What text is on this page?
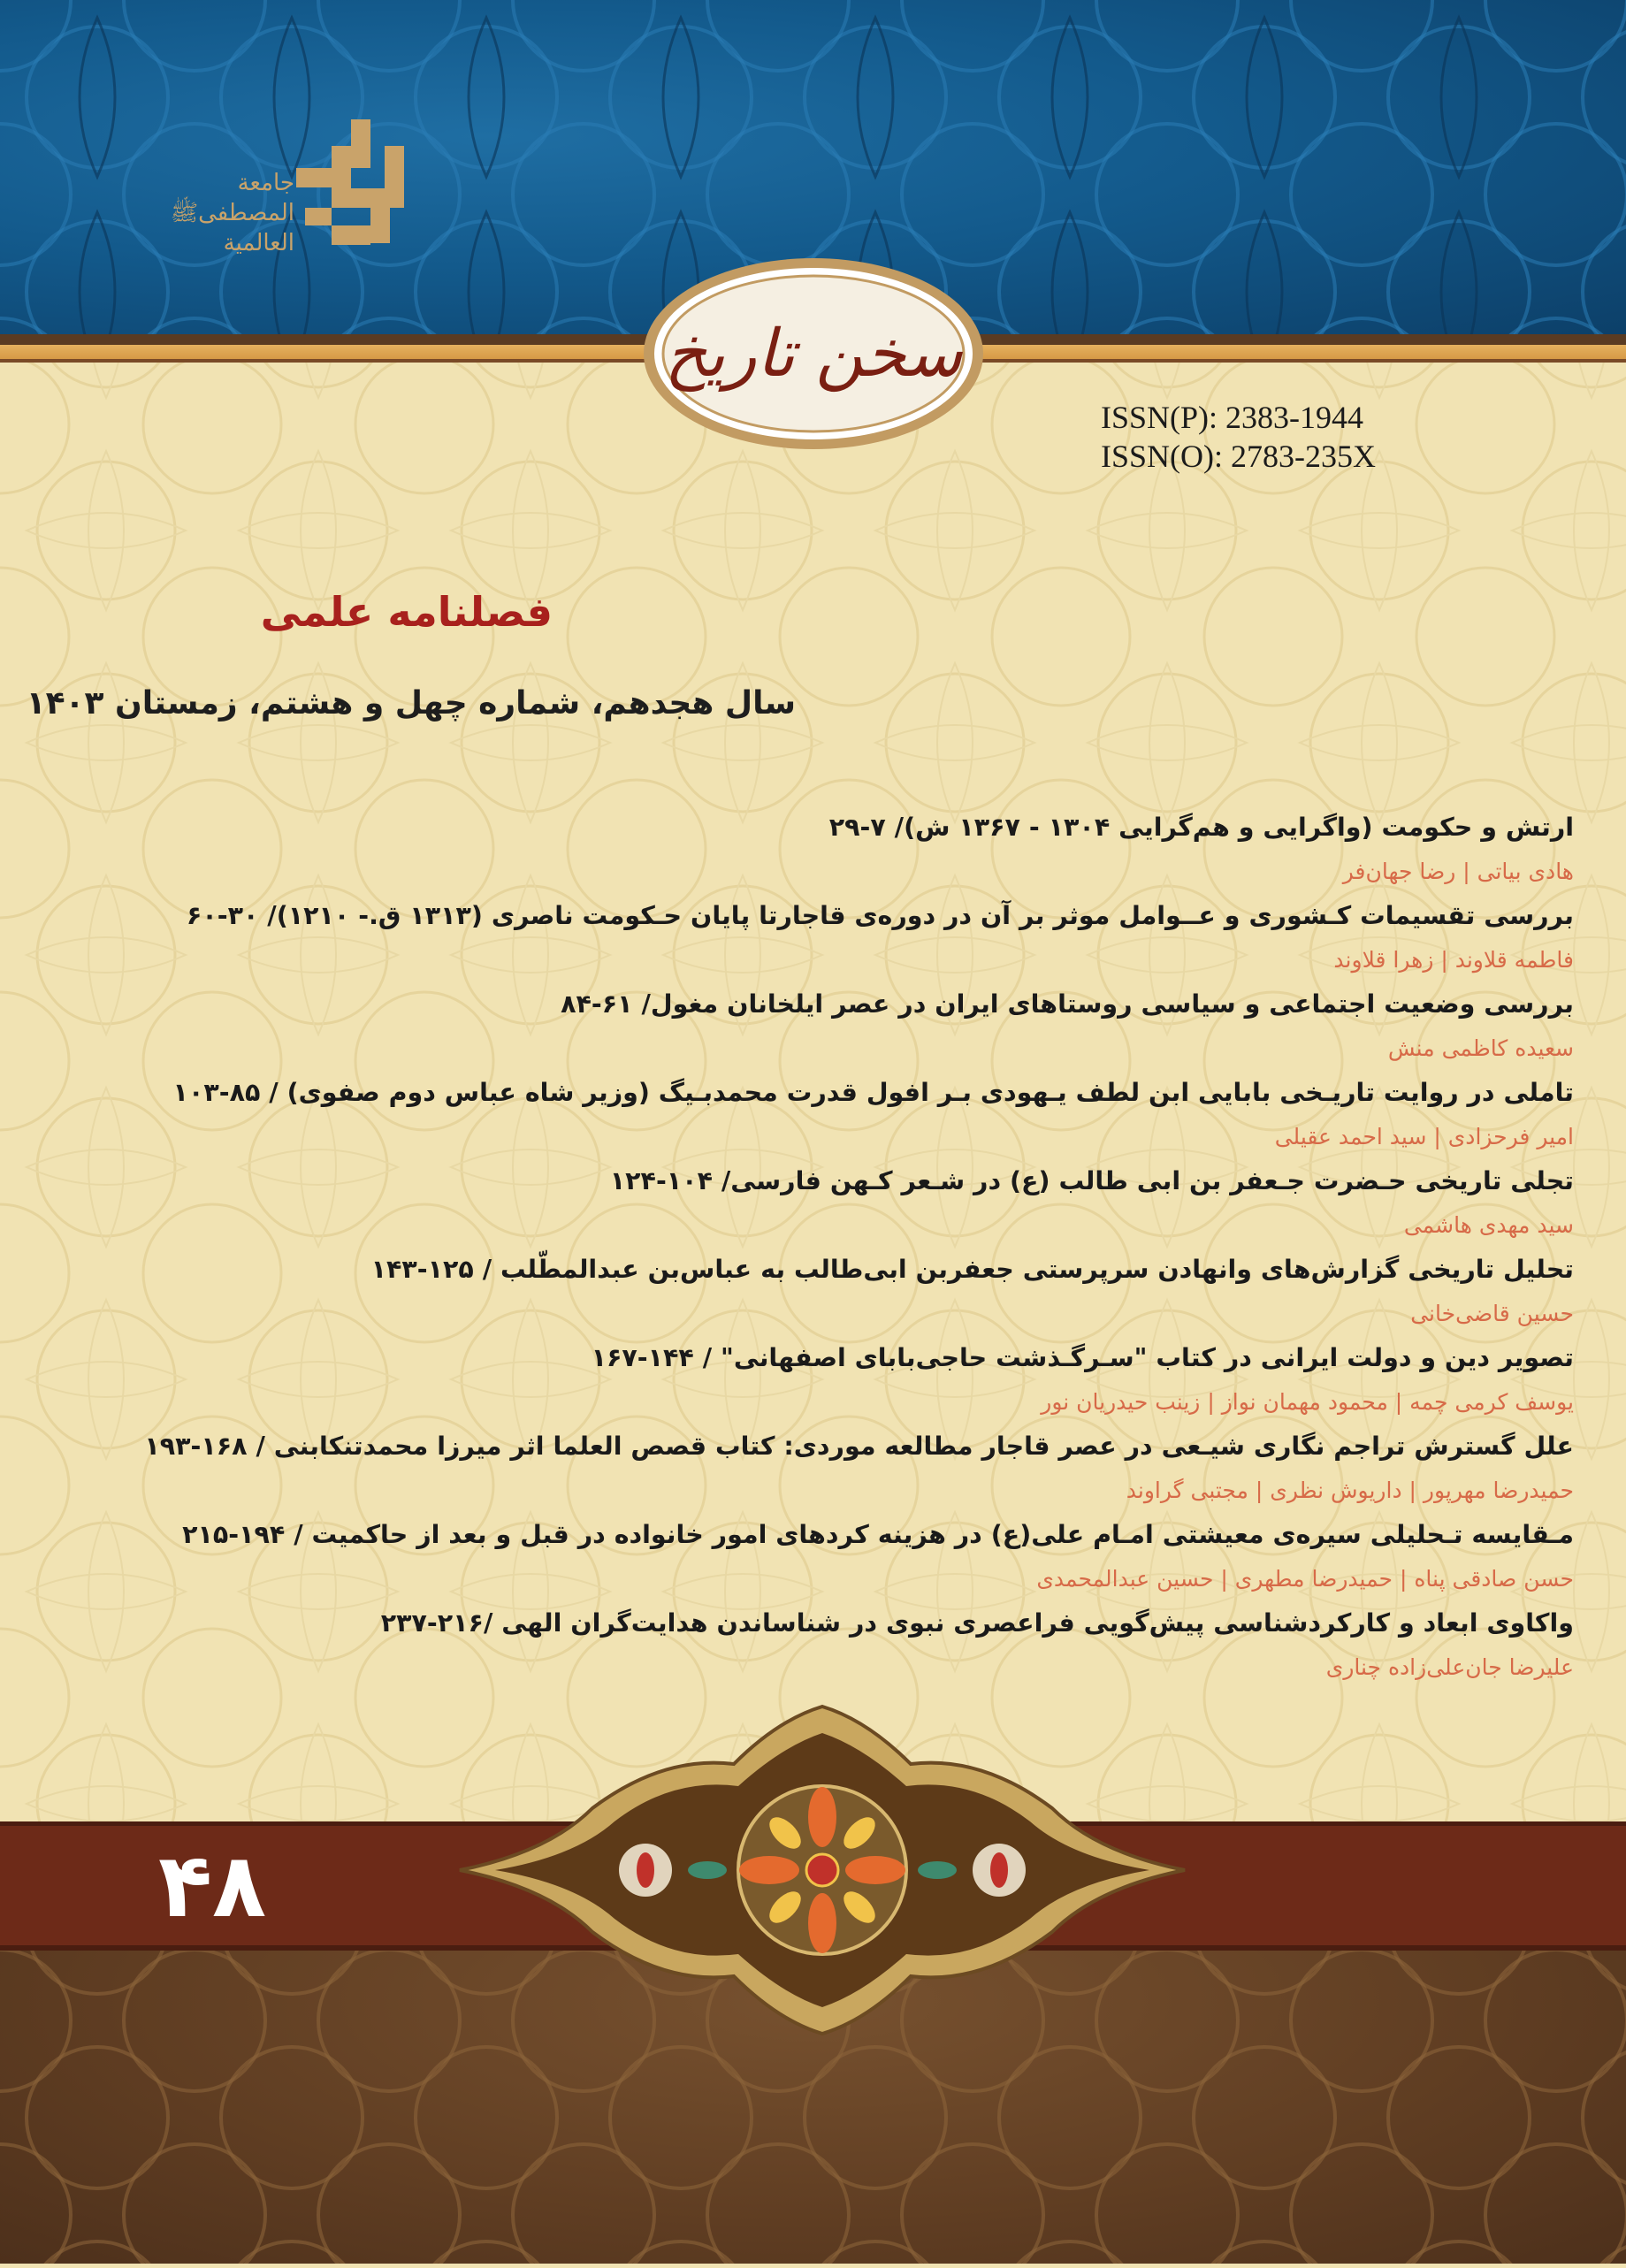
جامعة
المصطفیﷺ
العالمية
سخن تاریخ
ISSN(P): 2383-1944
ISSN(O): 2783-235X
فصلنامه علمی
سال هجدهم، شماره چهل و هشتم، زمستان ۱۴۰۳
ارتش و حکومت (واگرایی و هم‌گرایی ۱۳۰۴ - ۱۳۶۷ ش)/ ۷-۲۹
هادی بیاتی | رضا جهان‌فر
بررسی تقسیمات کـشوری و عــوامل موثر بر آن در دوره‌ی قاجارتا پایان حـکومت ناصری (۱۳۱۳ ق.- ۱۲۱۰)/ ۳۰-۶۰
فاطمه قلاوند | زهرا قلاوند
بررسی وضعیت اجتماعی و سیاسی روستاهای ایران در عصر ایلخانان مغول/ ۶۱-۸۴
سعیده کاظمی منش
تاملی در روایت تاریـخی بابایی ابن لطف یـهودی بـر افول قدرت محمدبـیگ (وزیر شاه عباس دوم صفوی) / ۸۵-۱۰۳
امیر فرحزادی | سید احمد عقیلی
تجلی تاریخی حـضرت جـعفر بن ابی طالب (ع) در شـعر کـهن فارسی/ ۱۰۴-۱۲۴
سید مهدی هاشمی
تحلیل تاریخی گزارش‌های وانهادن سرپرستی جعفربن ابی‌طالب به عباس‌بن عبدالمطّلب / ۱۲۵-۱۴۳
حسین قاضی‌خانی
تصویر دین و دولت ایرانی در کتاب "سـر‌گـذشت حاجی‌بابای اصفهانی" / ۱۴۴-۱۶۷
یوسف کرمی چمه | محمود مهمان نواز | زینب حیدریان نور
علل گسترش تراجم نگاری شیـعی در عصر قاجار مطالعه موردی: کتاب قصص العلما اثر میرزا محمدتنکابنی / ۱۶۸-۱۹۳
حمیدرضا مهرپور | داریوش نظری | مجتبی گراوند
مـقایسه تـحلیلی سیره‌ی معیشتی امـام علی(ع) در هزینه کردهای امور خانواده در قبل و بعد از حاکمیت / ۱۹۴-۲۱۵
حسن صادقی پناه | حمیدرضا مطهری | حسین عبدالمحمدی
واکاوی ابعاد و کارکردشناسی پیش‌گویی فراعصری نبوی در شناساندن هدایت‌گران الهی /۲۱۶-۲۳۷
علیرضا جان‌علی‌زاده چناری
۴۸
